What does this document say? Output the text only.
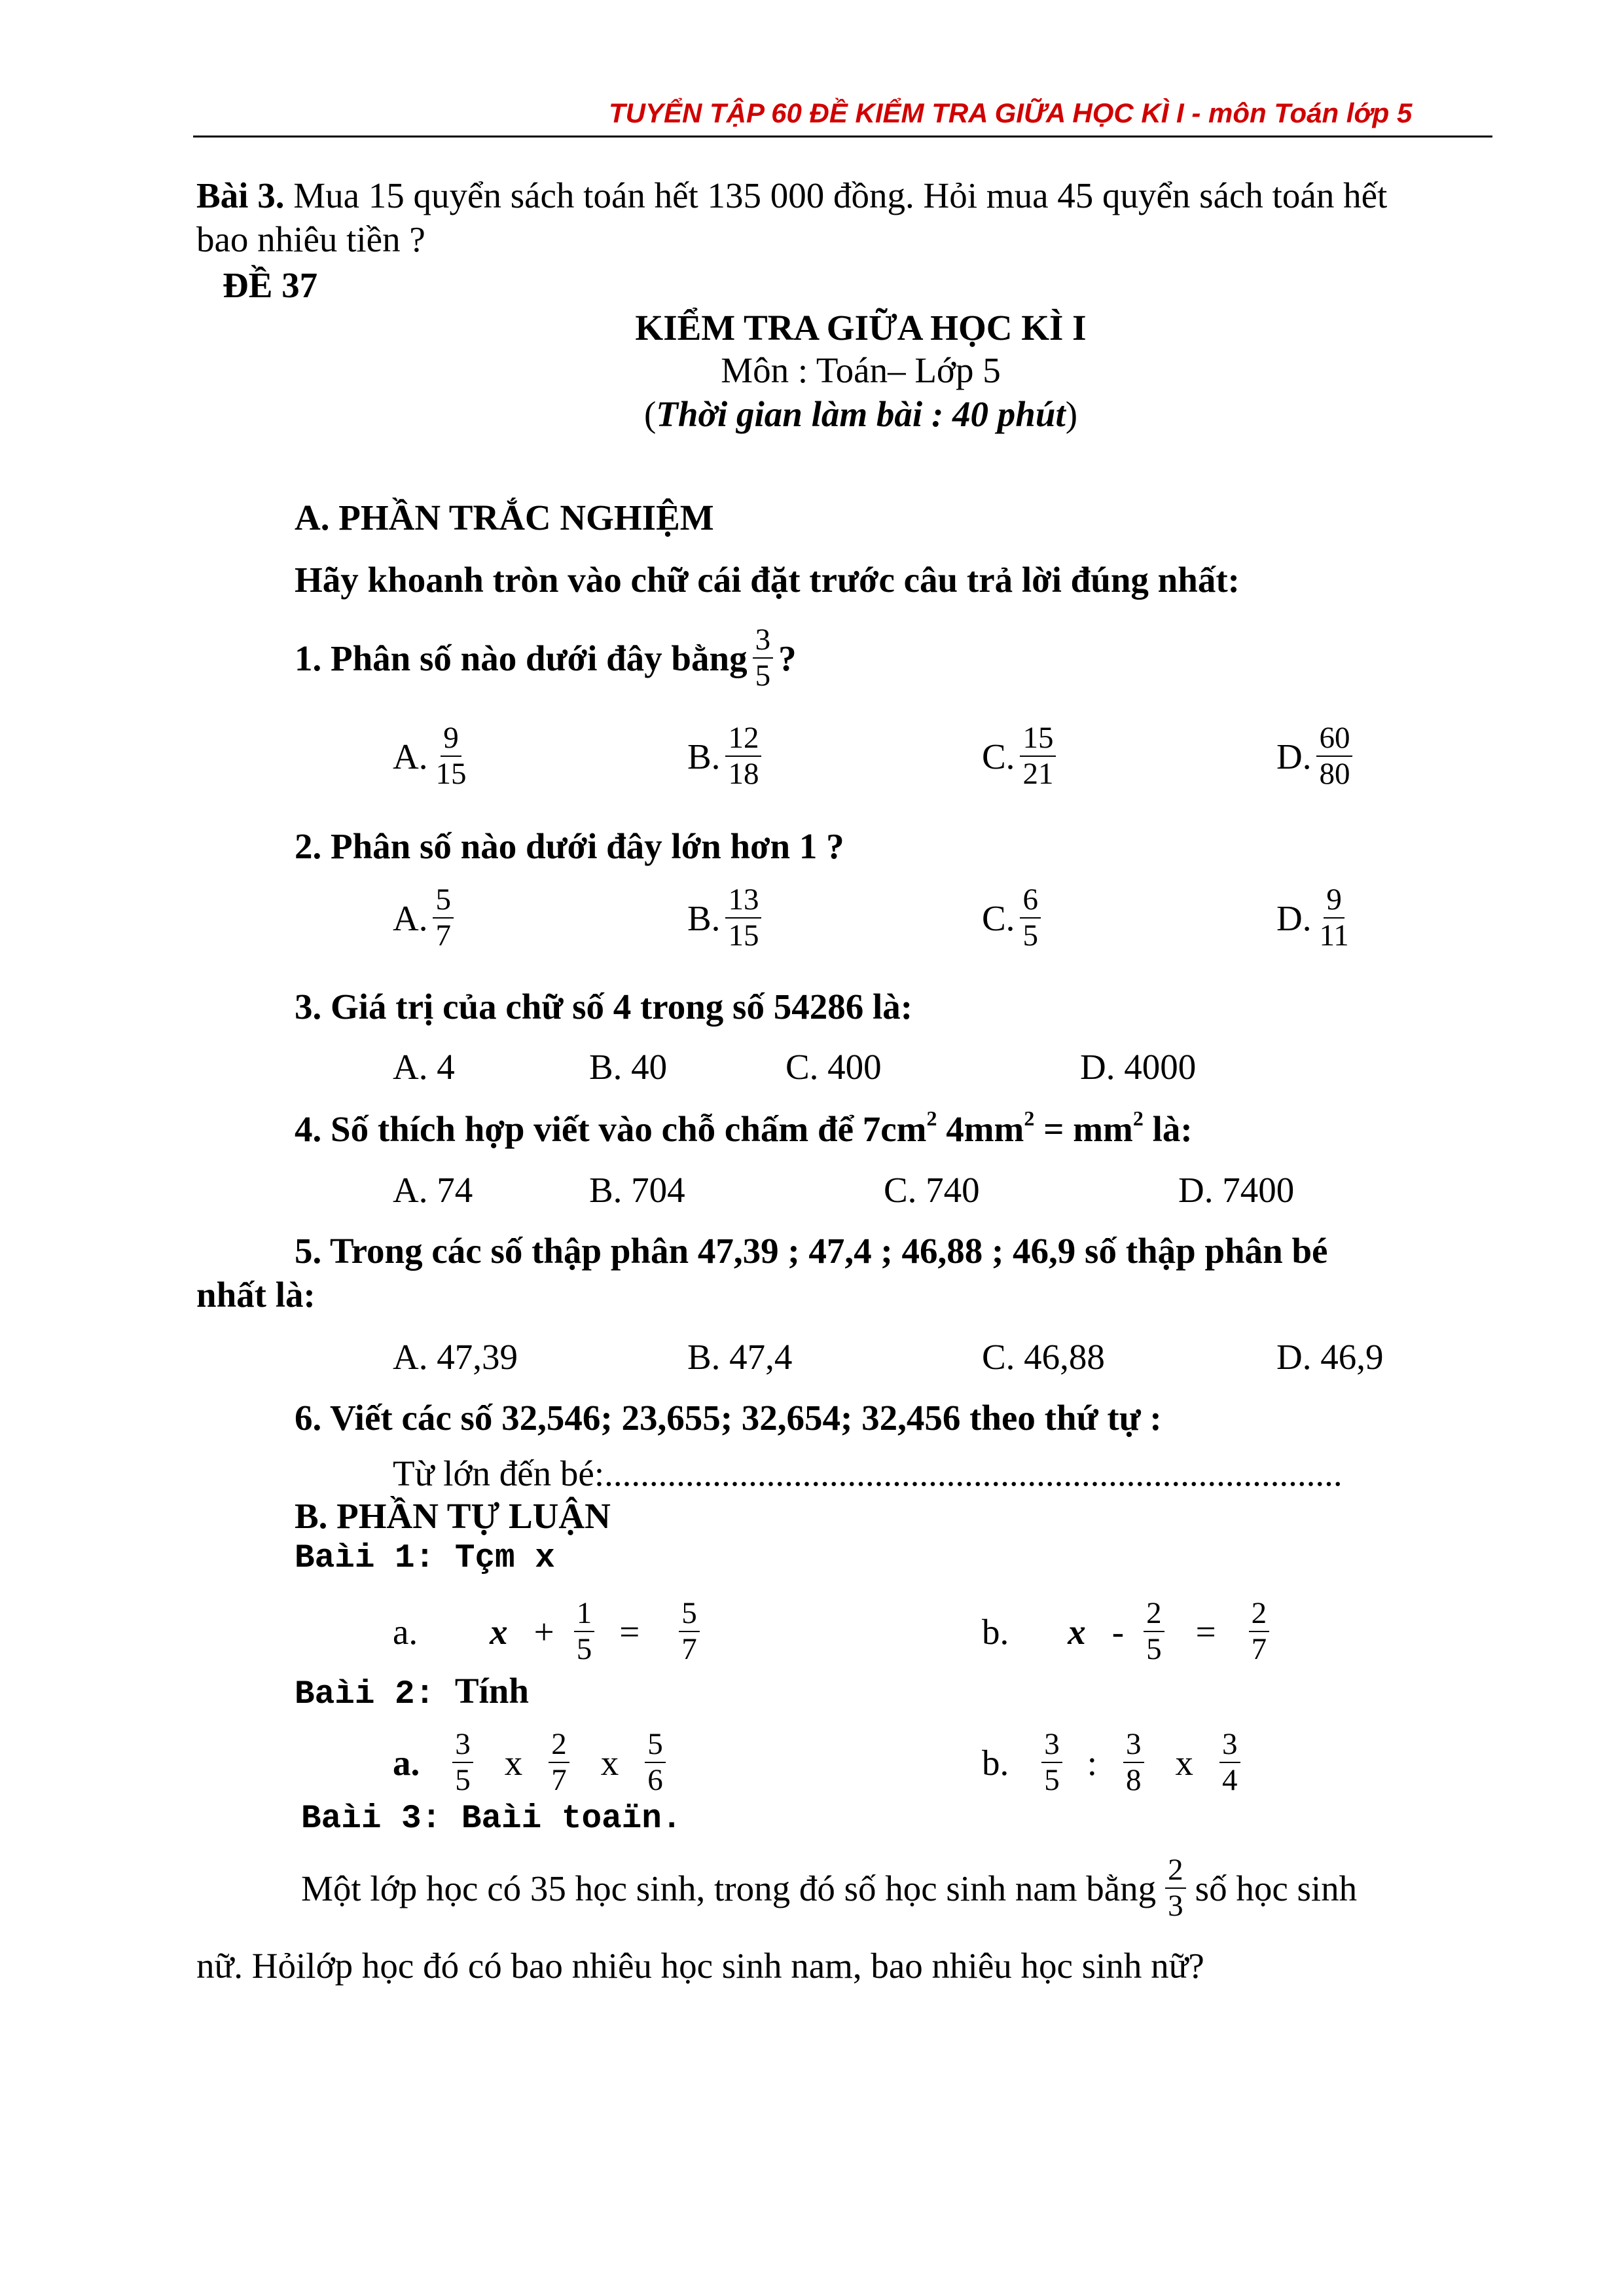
TUYỂN TẬP 60 ĐỀ KIỂM TRA GIỮA HỌC KÌ I - môn Toán lớp 5
Bài 3. Mua 15 quyển sách toán hết 135 000 đồng. Hỏi mua 45 quyển sách toán hết
bao nhiêu tiền ?
ĐỀ 37
KIỂM TRA GIỮA HỌC KÌ I
Môn : Toán– Lớp 5
(Thời gian làm bài : 40 phút)
A. PHẦN TRẮC NGHIỆM
Hãy khoanh tròn vào chữ cái đặt trước câu trả lời đúng nhất:
1. Phân số nào dưới đây bằng $\frac{3}{5}$ ?
A. $\frac{9}{15}$	B. $\frac{12}{18}$	C. $\frac{15}{21}$	D. $\frac{60}{80}$
2. Phân số nào dưới đây lớn hơn 1 ?
A. $\frac{5}{7}$	B. $\frac{13}{15}$	C. $\frac{6}{5}$	D. $\frac{9}{11}$
3. Giá trị của chữ số 4 trong số 54286 là:
A. 4	B. 40	C. 400	D. 4000
4. Số thích hợp viết vào chỗ chấm để $7cm^2$ $4mm^2 = mm^2$ là:
A. 74	B. 704	C. 740	D. 7400
5. Trong các số thập phân 47,39 ; 47,4 ; 46,88 ; 46,9 số thập phân bé
nhất là:
A. 47,39	B. 47,4	C. 46,88	D. 46,9
6. Viết các số 32,546; 23,655; 32,654; 32,456 theo thứ tự :
Từ lớn đến bé:..................................................................................
B. PHẦN TỰ LUẬN
Baìi 1: Tçm x
a.	$x + \frac{1}{5} = \frac{5}{7}$	b.	$x - \frac{2}{5} = \frac{2}{7}$
Baìi 2: Tính
a. $\frac{3}{5}$ x $\frac{2}{7}$ x $\frac{5}{6}$	b. $\frac{3}{5}$ : $\frac{3}{8}$ x $\frac{3}{4}$
Baìi 3: Baìi toaïn.
Một lớp học có 35 học sinh, trong đó số học sinh nam bằng $\frac{2}{3}$ số học sinh
nữ. Hỏilớp học đó có bao nhiêu học sinh nam, bao nhiêu học sinh nữ?
